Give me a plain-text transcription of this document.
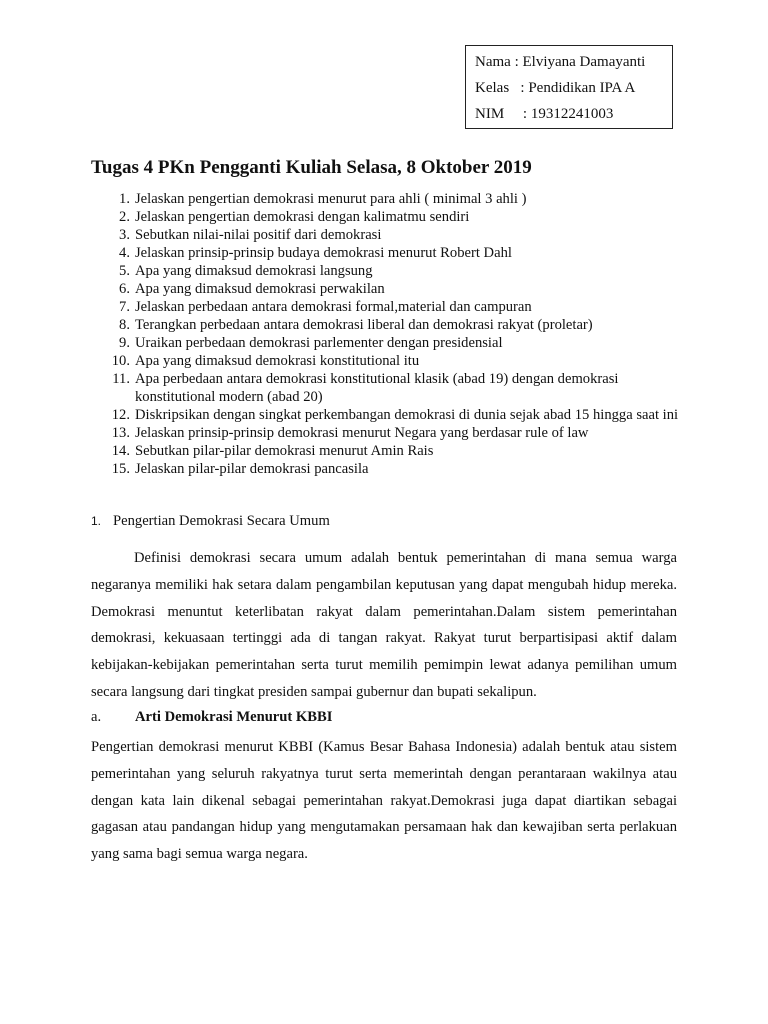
Nama : Elviyana Damayanti
Kelas   : Pendidikan IPA A
NIM     : 19312241003
Tugas 4 PKn Pengganti Kuliah Selasa, 8 Oktober 2019
1. Jelaskan pengertian demokrasi menurut para ahli ( minimal 3 ahli )
2. Jelaskan pengertian demokrasi dengan kalimatmu sendiri
3. Sebutkan nilai-nilai positif dari demokrasi
4. Jelaskan prinsip-prinsip budaya demokrasi menurut Robert Dahl
5. Apa yang dimaksud demokrasi langsung
6. Apa yang dimaksud demokrasi perwakilan
7. Jelaskan perbedaan antara demokrasi formal,material dan campuran
8. Terangkan perbedaan antara demokrasi liberal dan demokrasi rakyat (proletar)
9. Uraikan perbedaan demokrasi parlementer dengan presidensial
10. Apa yang dimaksud demokrasi konstitutional itu
11. Apa perbedaan antara demokrasi konstitutional klasik (abad 19) dengan demokrasi konstitutional modern (abad 20)
12. Diskripsikan dengan singkat perkembangan demokrasi di dunia sejak abad 15 hingga saat ini
13. Jelaskan prinsip-prinsip demokrasi menurut Negara yang berdasar rule of law
14. Sebutkan pilar-pilar demokrasi menurut Amin Rais
15. Jelaskan pilar-pilar demokrasi pancasila
1. Pengertian Demokrasi Secara Umum

Definisi demokrasi secara umum adalah bentuk pemerintahan di mana semua warga negaranya memiliki hak setara dalam pengambilan keputusan yang dapat mengubah hidup mereka. Demokrasi menuntut keterlibatan rakyat dalam pemerintahan.Dalam sistem pemerintahan demokrasi, kekuasaan tertinggi ada di tangan rakyat. Rakyat turut berpartisipasi aktif dalam kebijakan-kebijakan pemerintahan serta turut memilih pemimpin lewat adanya pemilihan umum secara langsung dari tingkat presiden sampai gubernur dan bupati sekalipun.

a. Arti Demokrasi Menurut KBBI

Pengertian demokrasi menurut KBBI (Kamus Besar Bahasa Indonesia) adalah bentuk atau sistem pemerintahan yang seluruh rakyatnya turut serta memerintah dengan perantaraan wakilnya atau dengan kata lain dikenal sebagai pemerintahan rakyat.Demokrasi juga dapat diartikan sebagai gagasan atau pandangan hidup yang mengutamakan persamaan hak dan kewajiban serta perlakuan yang sama bagi semua warga negara.
